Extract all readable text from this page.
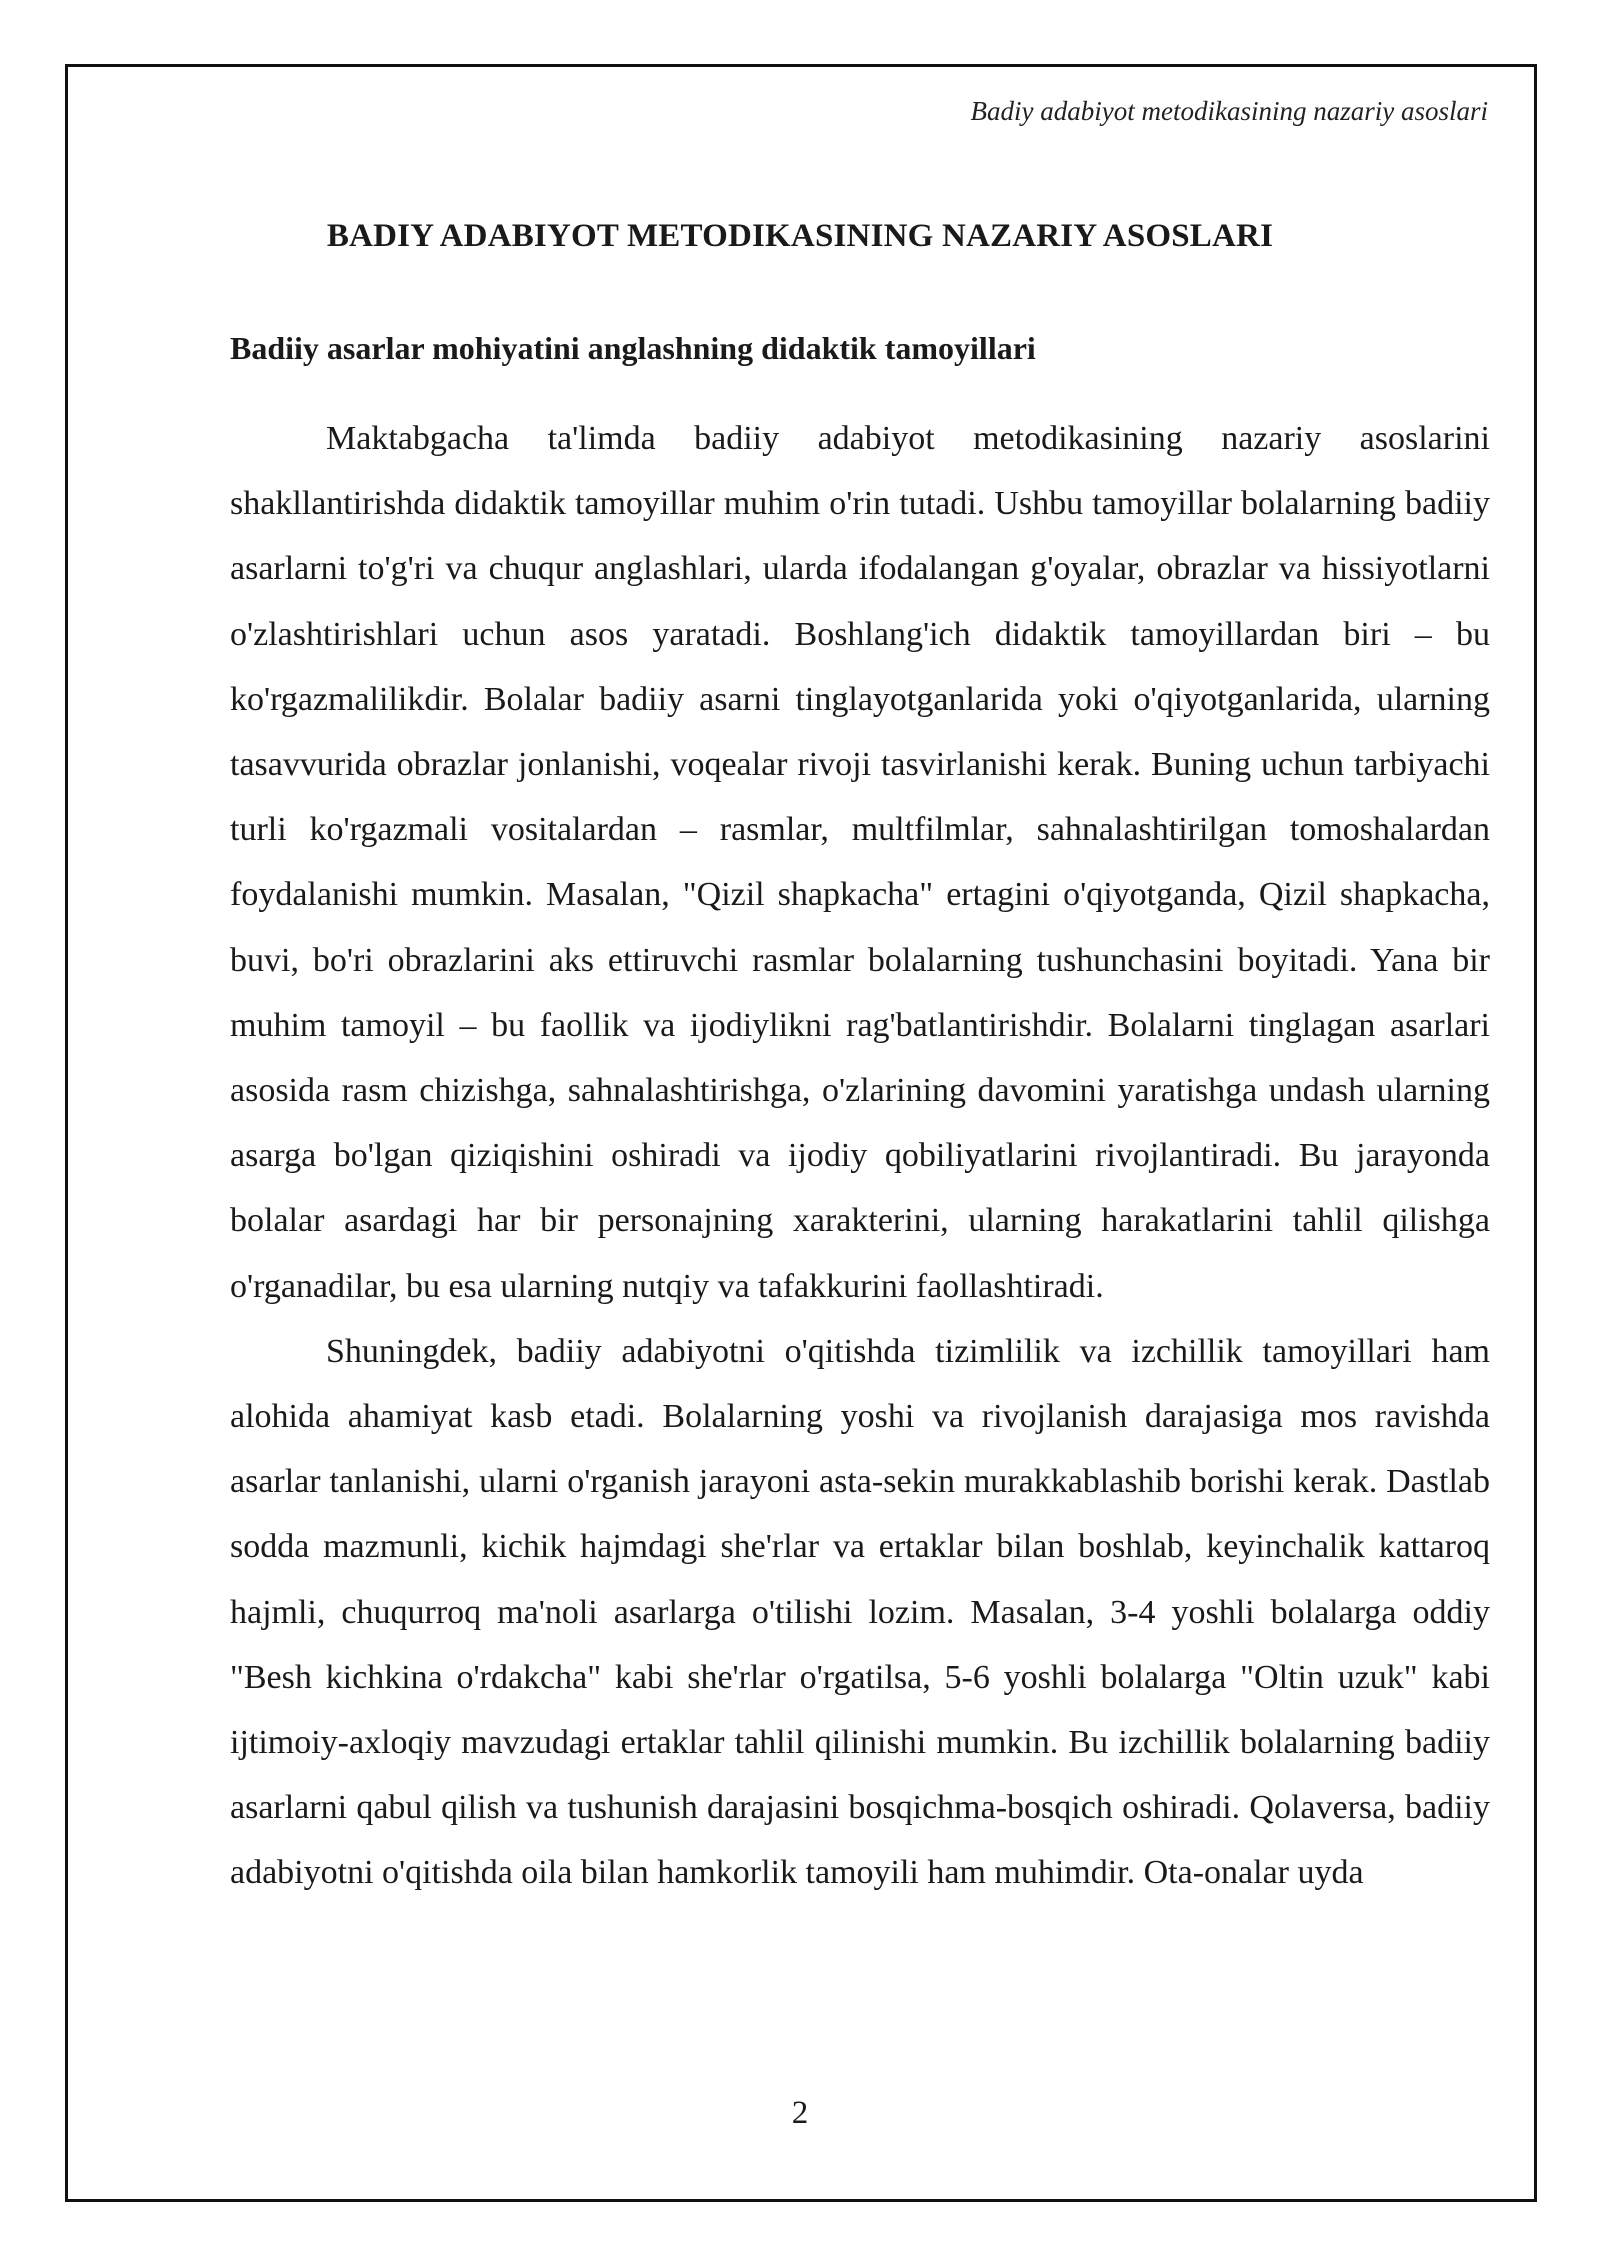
Badiy adabiyot metodikasining nazariy asoslari
BADIY ADABIYOT METODIKASINING NAZARIY ASOSLARI
Badiiy asarlar mohiyatini anglashning didaktik tamoyillari

Maktabgacha ta'limda badiiy adabiyot metodikasining nazariy asoslarini shakllantirishda didaktik tamoyillar muhim o'rin tutadi. Ushbu tamoyillar bolalarning badiiy asarlarni to'g'ri va chuqur anglashlari, ularda ifodalangan g'oyalar, obrazlar va hissiyotlarni o'zlashtirishlari uchun asos yaratadi. Boshlang'ich didaktik tamoyillardan biri – bu ko'rgazmalilikdir. Bolalar badiiy asarni tinglayotganlarida yoki o'qiyotganlarida, ularning tasavvurida obrazlar jonlanishi, voqealar rivoji tasvirlanishi kerak. Buning uchun tarbiyachi turli ko'rgazmali vositalardan – rasmlar, multfilmlar, sahnalashtirilgan tomoshalardan foydalanishi mumkin. Masalan, "Qizil shapkacha" ertagini o'qiyotganda, Qizil shapkacha, buvi, bo'ri obrazlarini aks ettiruvchi rasmlar bolalarning tushunchasini boyitadi. Yana bir muhim tamoyil – bu faollik va ijodiylikni rag'batlantirishdir. Bolalarni tinglagan asarlari asosida rasm chizishga, sahnalashtirishga, o'zlarining davomini yaratishga undash ularning asarga bo'lgan qiziqishini oshiradi va ijodiy qobiliyatlarini rivojlantiradi. Bu jarayonda bolalar asardagi har bir personajning xarakterini, ularning harakatlarini tahlil qilishga o'rganadilar, bu esa ularning nutqiy va tafakkurini faollashtiradi.

Shuningdek, badiiy adabiyotni o'qitishda tizimlilik va izchillik tamoyillari ham alohida ahamiyat kasb etadi. Bolalarning yoshi va rivojlanish darajasiga mos ravishda asarlar tanlanishi, ularni o'rganish jarayoni asta-sekin murakkablashib borishi kerak. Dastlab sodda mazmunli, kichik hajmdagi she'rlar va ertaklar bilan boshlab, keyinchalik kattaroq hajmli, chuqurroq ma'noli asarlarga o'tilishi lozim. Masalan, 3-4 yoshli bolalarga oddiy "Besh kichkina o'rdakcha" kabi she'rlar o'rgatilsa, 5-6 yoshli bolalarga "Oltin uzuk" kabi ijtimoiy-axloqiy mavzudagi ertaklar tahlil qilinishi mumkin. Bu izchillik bolalarning badiiy asarlarni qabul qilish va tushunish darajasini bosqichma-bosqich oshiradi. Qolaversa, badiiy adabiyotni o'qitishda oila bilan hamkorlik tamoyili ham muhimdir. Ota-onalar uyda

2
